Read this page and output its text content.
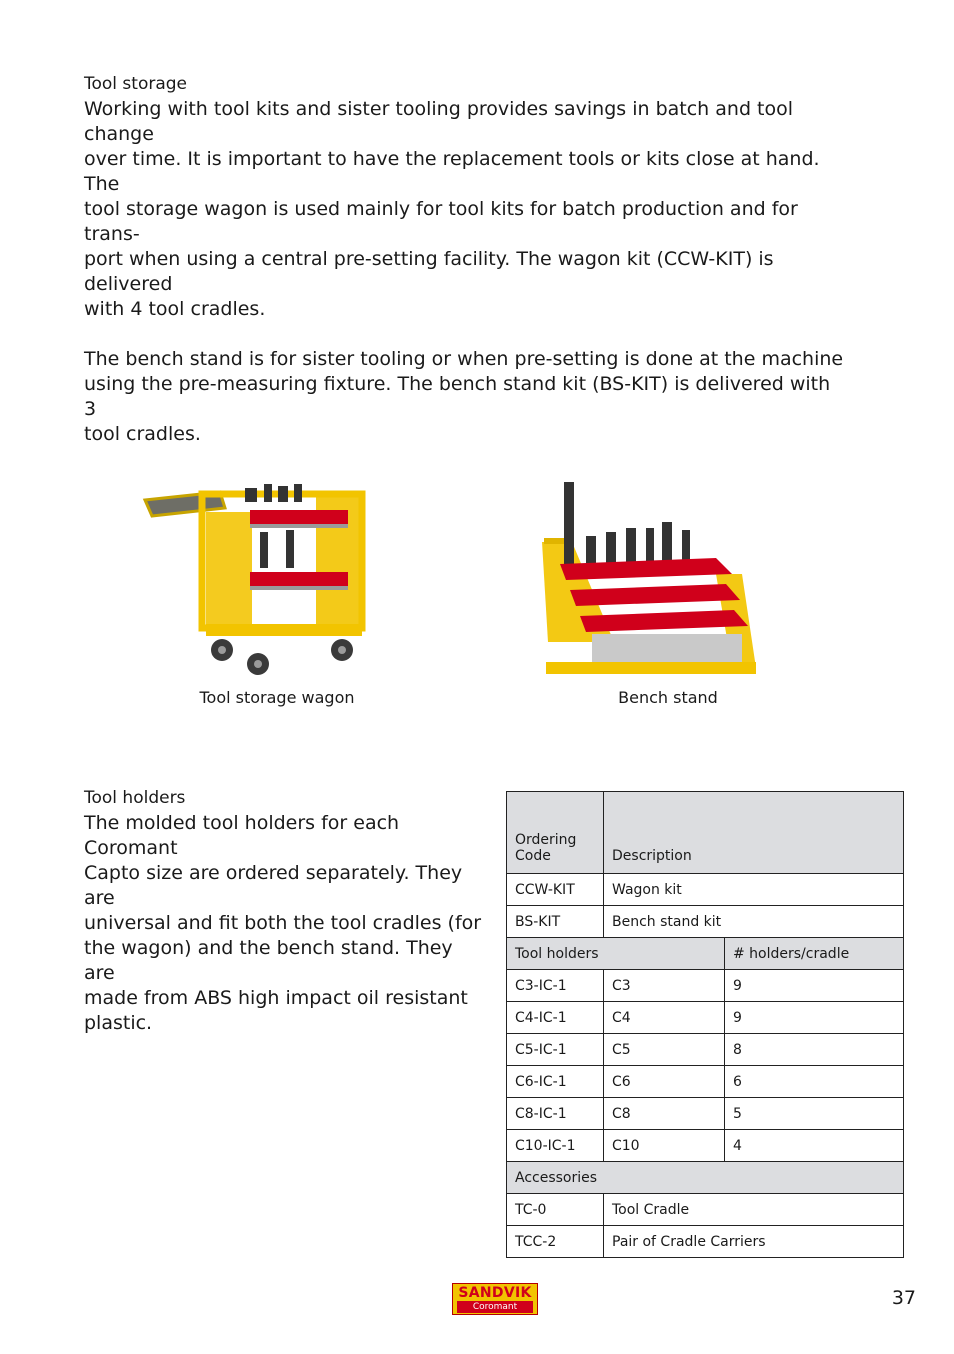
Tool storage
Working with tool kits and sister tooling provides savings in batch and tool change
over time. It is important to have the replacement tools or kits close at hand. The
tool storage wagon is used mainly for tool kits for batch production and for trans-
port when using a central pre-setting facility. The wagon kit (CCW-KIT) is delivered
with 4 tool cradles.
The bench stand is for sister tooling or when pre-setting is done at the machine
using the pre-measuring fixture. The bench stand kit (BS-KIT) is delivered with 3
tool cradles.
Tool storage wagon	Bench stand
Tool holders
The molded tool holders for each Coromant
Capto size are ordered separately. They are
universal and fit both the tool cradles (for
the wagon) and the bench stand. They are
made from ABS high impact oil resistant
plastic.
Ordering
Code	Description	
CCW-KIT	Wagon kit	
BS-KIT	Bench stand kit	
Tool holders		# holders/cradle
C3-IC-1	C3	9
C4-IC-1	C4	9
C5-IC-1	C5	8
C6-IC-1	C6	6
C8-IC-1	C8	5
C10-IC-1	C10	4
Accessories		
TC-0	Tool Cradle	
TCC-2	Pair of Cradle Carriers	
SANDVIK
Coromant	37
